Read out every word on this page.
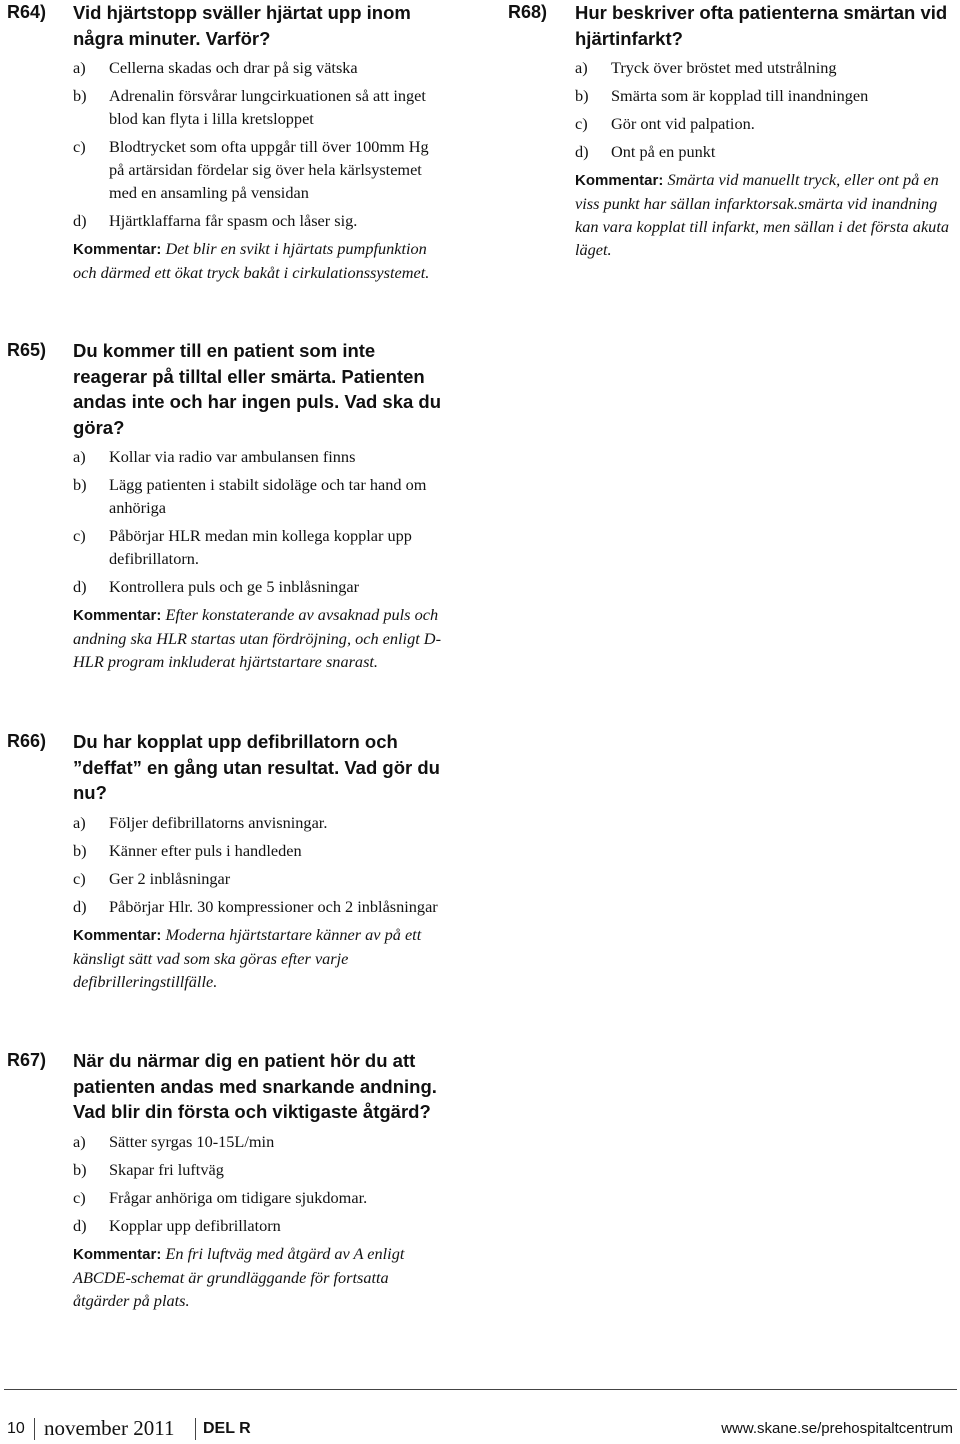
R64) Vid hjärtstopp sväller hjärtat upp inom några minuter. Varför?
a)	Cellerna skadas och drar på sig vätska
b)	Adrenalin försvårar lungcirkuationen så att inget blod kan flyta i lilla kretsloppet
c)	Blodtrycket som ofta uppgår till över 100mm Hg på artärsidan fördelar sig över hela kärlsystemet med en ansamling på vensidan
d)	Hjärtklaffarna får spasm och låser sig.
Kommentar: Det blir en svikt i hjärtats pumpfunktion och därmed ett ökat tryck bakåt i cirkulationssystemet.
R65) Du kommer till en patient som inte reagerar på tilltal eller smärta. Patienten andas inte och har ingen puls. Vad ska du göra?
a)	Kollar via radio var ambulansen finns
b)	Lägg patienten i stabilt sidoläge och tar hand om anhöriga
c)	Påbörjar HLR medan min kollega kopplar upp defibrillatorn.
d)	Kontrollera puls och ge 5 inblåsningar
Kommentar: Efter konstaterande av avsaknad puls och andning ska HLR startas utan fördröjning, och enligt D-HLR program inkluderat hjärtstartare snarast.
R66) Du har kopplat upp defibrillatorn och ”deffat” en gång utan resultat. Vad gör du nu?
a)	Följer defibrillatorns anvisningar.
b)	Känner efter puls i handleden
c)	Ger 2 inblåsningar
d)	Påbörjar Hlr. 30 kompressioner och 2 inblåsningar
Kommentar: Moderna hjärtstartare känner av på ett känsligt sätt vad som ska göras efter varje defibrilleringstillfälle.
R67) När du närmar dig en patient hör du att patienten andas med snarkande andning. Vad blir din första och viktigaste åtgärd?
a)	Sätter syrgas 10-15L/min
b)	Skapar fri luftväg
c)	Frågar anhöriga om tidigare sjukdomar.
d)	Kopplar upp defibrillatorn
Kommentar: En fri luftväg med åtgärd av A enligt ABCDE-schemat är grundläggande för fortsatta åtgärder på plats.
R68) Hur beskriver ofta patienterna smärtan vid hjärtinfarkt?
a)	Tryck över bröstet med utstrålning
b)	Smärta som är kopplad till inandningen
c)	Gör ont vid palpation.
d)	Ont på en punkt
Kommentar: Smärta vid manuellt tryck, eller ont på en viss punkt har sällan infarktorsak.smärta vid inandning kan vara kopplat till infarkt, men sällan i det första akuta läget.
10 november 2011 DEL R	www.skane.se/prehospitaltcentrum
